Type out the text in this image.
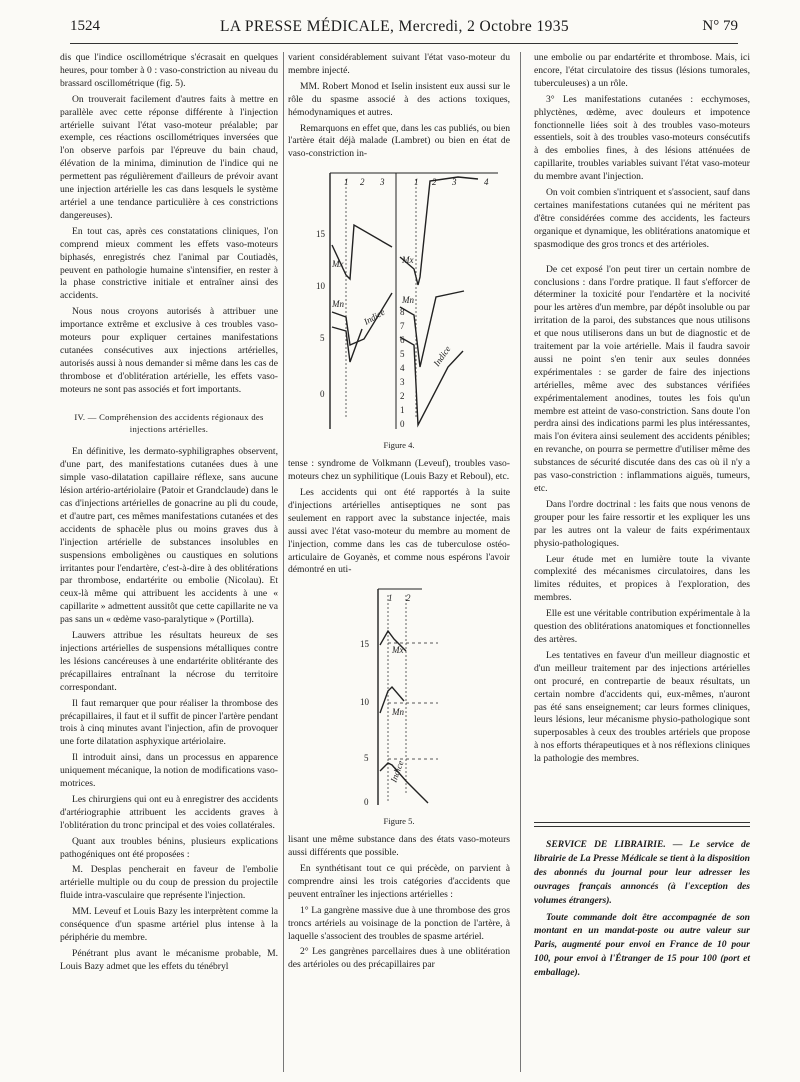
1524	LA PRESSE MÉDICALE, Mercredi, 2 Octobre 1935	N° 79

dis que l'indice oscillométrique s'écrasait en quelques heures, pour tomber à 0 : vaso-constriction au niveau du brassard oscillométrique (fig. 5).

On trouverait facilement d'autres faits à mettre en parallèle avec cette réponse différente à l'injection artérielle suivant l'état vaso-moteur préalable; par exemple, ces réactions oscillométriques inversées que l'on observe parfois par l'épreuve du bain chaud, élévation de la minima, diminution de l'indice qui ne permettent pas régulièrement d'ailleurs de prévoir avant une injection artérielle les cas dans lesquels le système artériel a une tendance particulière à ces constrictions dangereuses).

En tout cas, après ces constatations cliniques, l'on comprend mieux comment les effets vaso-moteurs biphasés, enregistrés chez l'animal par Coutiadès, peuvent en pathologie humaine s'intensifier, en rester à la phase constrictive initiale et entraîner ainsi des accidents.

Nous nous croyons autorisés à attribuer une importance extrême et exclusive à ces troubles vaso-moteurs pour expliquer certaines manifestations cutanées consécutives aux injections artérielles, autorisés aussi à nous demander si même dans les cas de thrombose et d'oblitération artérielle, les effets vaso-moteurs ne sont pas associés et fort importants.

IV. — Compréhension des accidents régionaux des injections artérielles.

En définitive, les dermato-syphiligraphes observent, d'une part, des manifestations cutanées dues à une simple vaso-dilatation capillaire réflexe, sans aucune lésion artério-artériolaire (Patoir et Grandclaude) dans le cas d'injections artérielles de gonacrine au pli du coude, et d'autre part, ces mêmes manifestations cutanées et des accidents de sphacèle plus ou moins graves dus à l'injection artérielle de substances insolubles en suspensions emboligènes ou caustiques en solutions irritantes pour l'endartère, c'est-à-dire à des oblitérations par thrombose, endartérite ou embolie (Nicolau). Et ceux-là même qui attribuent les accidents à une « capillarite » admettent aussitôt que cette capillarite ne va pas sans un « œdème vaso-paralytique » (Portilla).

Lauwers attribue les résultats heureux de ses injections artérielles de suspensions métalliques contre les lésions cancéreuses à une endartérite oblitérante des précapillaires entraînant la nécrose du territoire correspondant.

Il faut remarquer que pour réaliser la thrombose des précapillaires, il faut et il suffit de pincer l'artère pendant trois à cinq minutes avant l'injection, afin de provoquer une forte dilatation asphyxique artériolaire.

Il introduit ainsi, dans un processus en apparence uniquement mécanique, la notion de modifications vaso-motrices.

Les chirurgiens qui ont eu à enregistrer des accidents d'artériographie attribuent les accidents graves à l'oblitération du tronc principal et des voies collatérales.

Quant aux troubles bénins, plusieurs explications pathogéniques ont été proposées :

M. Desplas pencherait en faveur de l'embolie artérielle multiple ou du coup de pression du projectile fluide intra-vasculaire que représente l'injection.

MM. Leveuf et Louis Bazy les interprètent comme la conséquence d'un spasme artériel plus intense à la périphérie du membre.

Pénétrant plus avant le mécanisme probable, M. Louis Bazy admet que les effets du ténébryl

varient considérablement suivant l'état vaso-moteur du membre injecté.

MM. Robert Monod et Iselin insistent eux aussi sur le rôle du spasme associé à des actions toxiques, hémodynamiques et autres.

Remarquons en effet que, dans les cas publiés, ou bien l'artère était déjà malade (Lambret) ou bien en état de vaso-constriction in-

15
10
5
0
8
7
6
5
4
3
2
1
0
1 2 3	1 2 3	4
Mx	Mx
Mn	Mn
Indice
Indice

Figure 4.

tense : syndrome de Volkmann (Leveuf), troubles vaso-moteurs chez un syphilitique (Louis Bazy et Reboul), etc.

Les accidents qui ont été rapportés à la suite d'injections artérielles antiseptiques ne sont pas seulement en rapport avec la substance injectée, mais aussi avec l'état vaso-moteur du membre au moment de l'injection, comme dans les cas de tuberculose ostéo-articulaire de Goyanès, et comme nous espérons l'avoir démontré en uti-

15
10
5
0
1 2
Mx
Mn
Indice

Figure 5.

lisant une même substance dans des états vaso-moteurs aussi différents que possible.

En synthétisant tout ce qui précède, on parvient à comprendre ainsi les trois catégories d'accidents que peuvent entraîner les injections artérielles :

1° La gangrène massive due à une thrombose des gros troncs artériels au voisinage de la ponction de l'artère, à laquelle s'associent des troubles de spasme artériel.

2° Les gangrènes parcellaires dues à une oblitération des artérioles ou des précapillaires par

une embolie ou par endartérite et thrombose. Mais, ici encore, l'état circulatoire des tissus (lésions tumorales, tuberculeuses) a un rôle.

3° Les manifestations cutanées : ecchymoses, phlyctènes, œdème, avec douleurs et impotence fonctionnelle liées soit à des troubles vaso-moteurs essentiels, soit à des troubles vaso-moteurs consécutifs à des embolies fines, à des lésions atténuées de capillarite, troubles variables suivant l'état vaso-moteur du membre avant l'injection.

On voit combien s'intriquent et s'associent, sauf dans certaines manifestations cutanées qui ne méritent pas d'être considérées comme des accidents, les facteurs organique et dynamique, les oblitérations anatomique et spasmodique des gros troncs et des artérioles.

De cet exposé l'on peut tirer un certain nombre de conclusions : dans l'ordre pratique. Il faut s'efforcer de déterminer la toxicité pour l'endartère et la nocivité pour les artères d'un membre, par dépôt insoluble ou par irritation de la paroi, des substances que nous utilisons et que nous utiliserons dans un but de diagnostic et de traitement par la voie artérielle. Mais il faudra savoir aussi ne point s'en tenir aux seules données expérimentales : se garder de faire des injections artérielles, même avec des substances vérifiées expérimentalement anodines, toutes les fois qu'un membre est atteint de vaso-constriction. Sans doute l'on perdra ainsi des indications parmi les plus intéressantes, mais l'on évitera ainsi seulement des accidents pénibles; en revanche, on pourra se permettre d'utiliser même des substances de sécurité discutée dans des cas où il n'y a pas vaso-constriction : inflammations aiguës, tumeurs, etc.

Dans l'ordre doctrinal : les faits que nous venons de grouper pour les faire ressortir et les expliquer les uns par les autres ont la valeur de faits expérimentaux physio-pathologiques.

Leur étude met en lumière toute la vivante complexité des mécanismes circulatoires, dans les limites réduites, et propices à l'exploration, des membres.

Elle est une véritable contribution expérimentale à la question des oblitérations anatomiques et fonctionnelles des artères.

Les tentatives en faveur d'un meilleur diagnostic et d'un meilleur traitement par des injections artérielles ont procuré, en contrepartie de beaux résultats, un certain nombre d'accidents qui, eux-mêmes, n'auront pas été sans enseignement; car leurs formes cliniques, leurs lésions, leur mécanisme physio-pathologique sont superposables à ceux des troubles artériels que propose à nos efforts thérapeutiques et à nos réflexions cliniques la pathologie des membres.

SERVICE DE LIBRAIRIE. — Le service de librairie de La Presse Médicale se tient à la disposition des abonnés du journal pour leur adresser les ouvrages français annoncés (à l'exception des volumes étrangers).

Toute commande doit être accompagnée de son montant en un mandat-poste ou autre valeur sur Paris, augmenté pour envoi en France de 10 pour 100, pour envoi à l'Étranger de 15 pour 100 (port et emballage).
